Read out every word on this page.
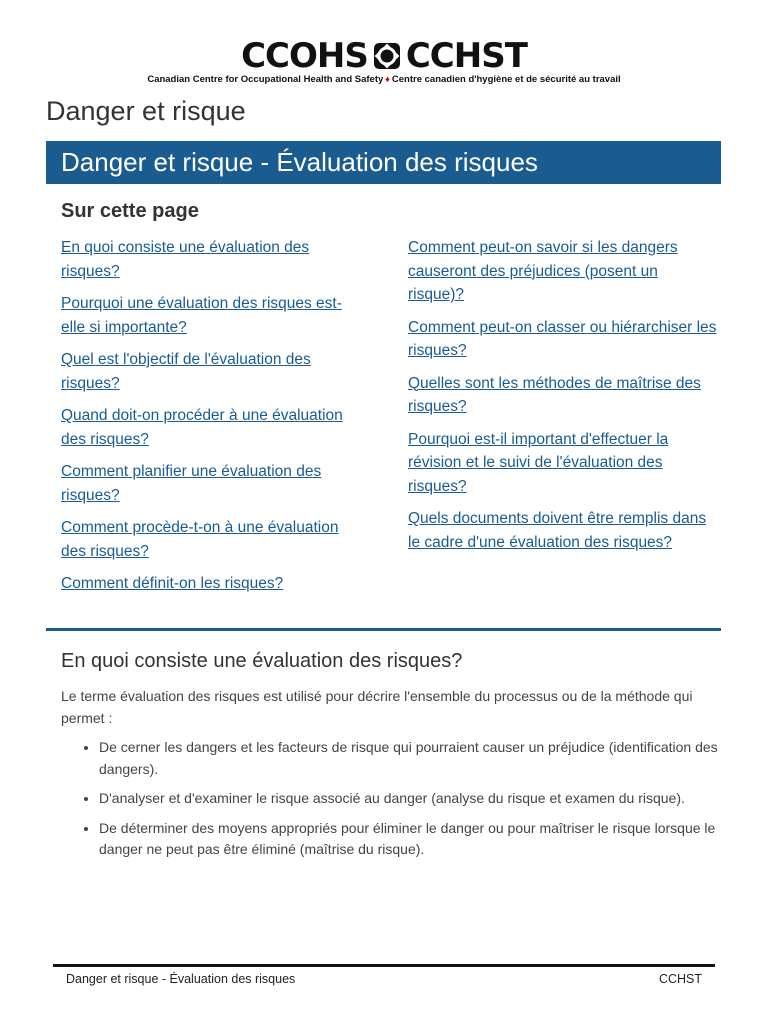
CCOHS CCHST
Canadian Centre for Occupational Health and Safety ♦ Centre canadien d'hygiène et de sécurité au travail
Danger et risque
Danger et risque - Évaluation des risques
Sur cette page
En quoi consiste une évaluation des risques?
Pourquoi une évaluation des risques est-elle si importante?
Quel est l'objectif de l'évaluation des risques?
Quand doit-on procéder à une évaluation des risques?
Comment planifier une évaluation des risques?
Comment procède-t-on à une évaluation des risques?
Comment définit-on les risques?
Comment peut-on savoir si les dangers causeront des préjudices (posent un risque)?
Comment peut-on classer ou hiérarchiser les risques?
Quelles sont les méthodes de maîtrise des risques?
Pourquoi est-il important d'effectuer la révision et le suivi de l'évaluation des risques?
Quels documents doivent être remplis dans le cadre d'une évaluation des risques?
En quoi consiste une évaluation des risques?

Le terme évaluation des risques est utilisé pour décrire l'ensemble du processus ou de la méthode qui permet :

• De cerner les dangers et les facteurs de risque qui pourraient causer un préjudice (identification des dangers).
• D'analyser et d'examiner le risque associé au danger (analyse du risque et examen du risque).
• De déterminer des moyens appropriés pour éliminer le danger ou pour maîtriser le risque lorsque le danger ne peut pas être éliminé (maîtrise du risque).
Danger et risque - Évaluation des risques	CCHST
